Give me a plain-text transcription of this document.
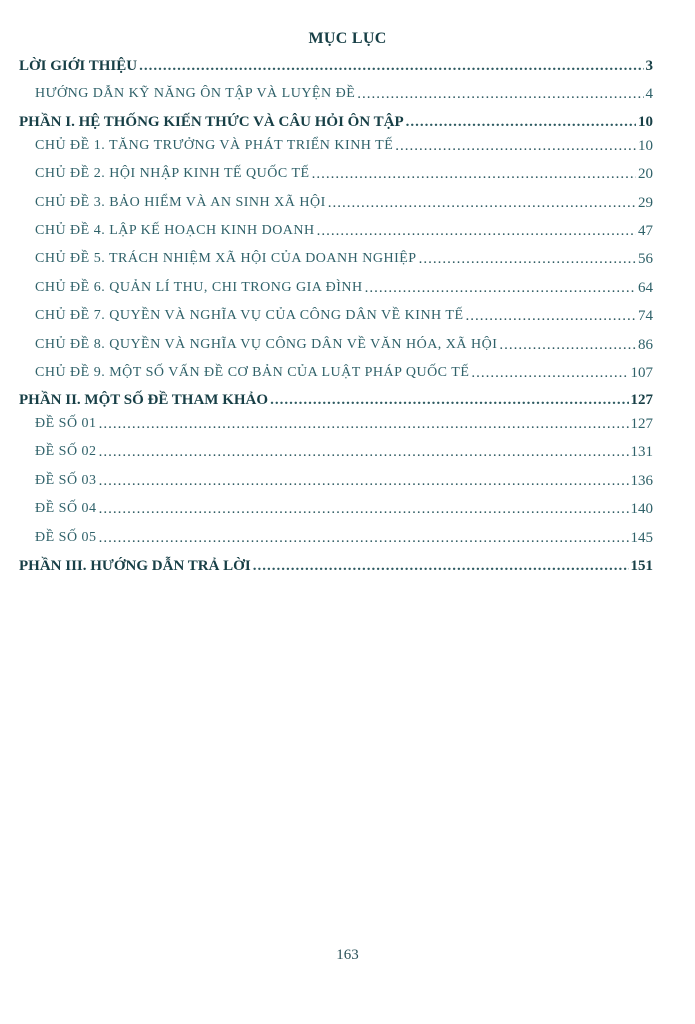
MỤC LỤC
LỜI GIỚI THIỆU .....	3
HƯỚNG DẪN KỸ NĂNG ÔN TẬP VÀ LUYỆN ĐỀ .....	4
PHẦN I. HỆ THỐNG KIẾN THỨC VÀ CÂU HỎI ÔN TẬP .....	10
CHỦ ĐỀ 1. TĂNG TRƯỞNG VÀ PHÁT TRIỂN KINH TẾ .....	10
CHỦ ĐỀ 2. HỘI NHẬP KINH TẾ QUỐC TẾ .....	20
CHỦ ĐỀ 3. BẢO HIỂM VÀ AN SINH XÃ HỘI .....	29
CHỦ ĐỀ 4. LẬP KẾ HOẠCH KINH DOANH .....	47
CHỦ ĐỀ 5. TRÁCH NHIỆM XÃ HỘI CỦA DOANH NGHIỆP .....	56
CHỦ ĐỀ 6. QUẢN LÍ THU, CHI TRONG GIA ĐÌNH .....	64
CHỦ ĐỀ 7. QUYỀN VÀ NGHĨA VỤ CỦA CÔNG DÂN VỀ KINH TẾ .....	74
CHỦ ĐỀ 8. QUYỀN VÀ NGHĨA VỤ CÔNG DÂN VỀ VĂN HÓA, XÃ HỘI .....	86
CHỦ ĐỀ 9. MỘT SỐ VẤN ĐỀ CƠ BẢN CỦA LUẬT PHÁP QUỐC TẾ .....	107
PHẦN II. MỘT SỐ ĐỀ THAM KHẢO .....	127
ĐỀ SỐ 01 .....	127
ĐỀ SỐ 02 .....	131
ĐỀ SỐ 03 .....	136
ĐỀ SỐ 04 .....	140
ĐỀ SỐ 05 .....	145
PHẦN III. HƯỚNG DẪN TRẢ LỜI .....	151
163
